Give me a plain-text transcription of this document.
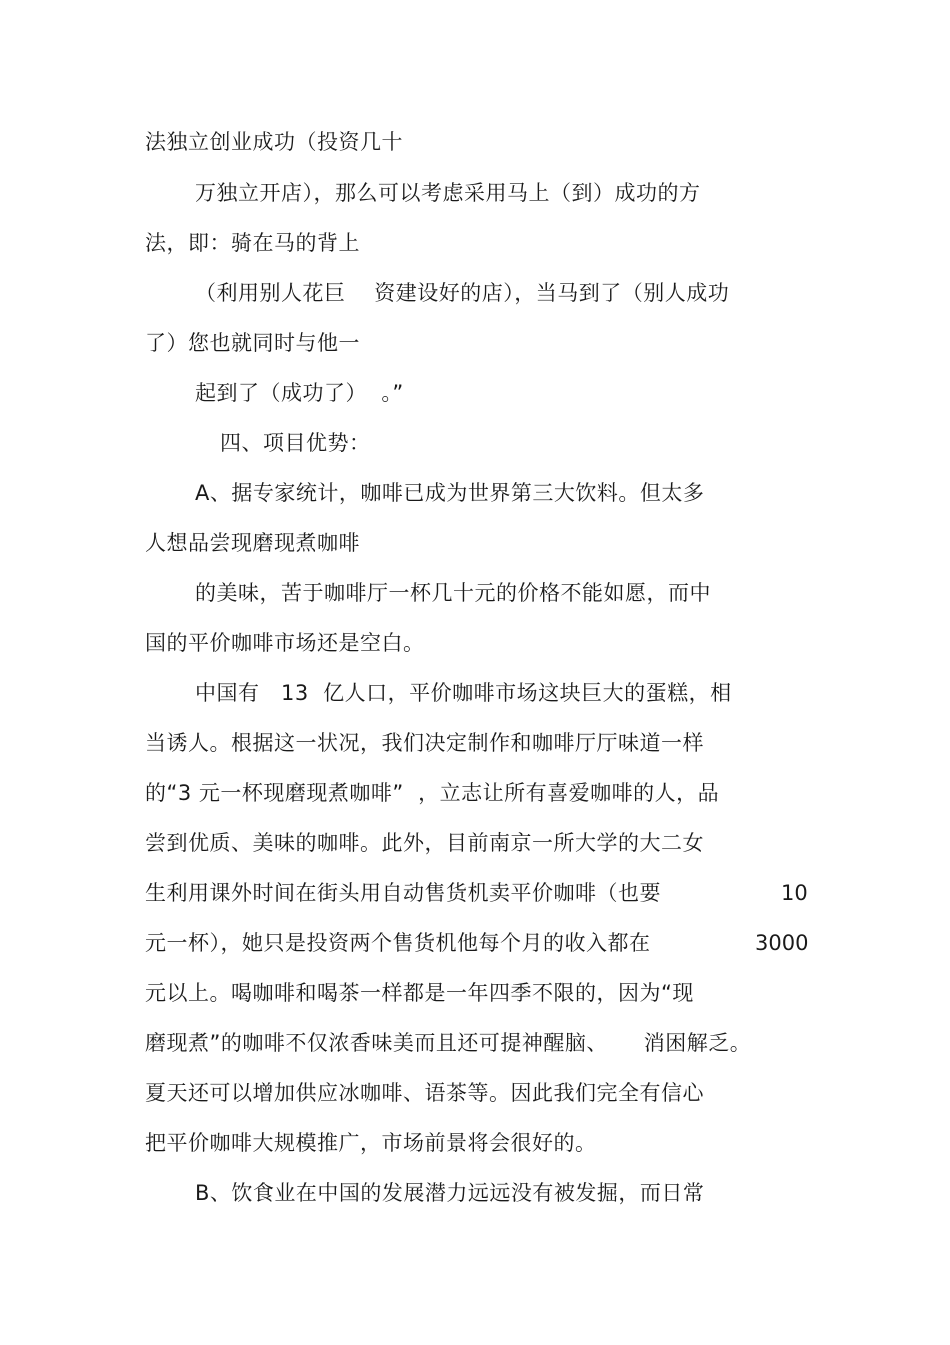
法独立创业成功（投资几十
万独立开店），那么可以考虑采用马上（到）成功的方
法，即：骑在马的背上
（利用别人花巨    资建设好的店），当马到了（别人成功
了）您也就同时与他一
起到了（成功了）  。”
四、项目优势：
A、据专家统计，咖啡已成为世界第三大饮料。但太多
人想品尝现磨现煮咖啡
的美味，苦于咖啡厅一杯几十元的价格不能如愿，而中
国的平价咖啡市场还是空白。
中国有   13  亿人口，平价咖啡市场这块巨大的蛋糕，相
当诱人。根据这一状况，我们决定制作和咖啡厅厅味道一样
的“3 元一杯现磨现煮咖啡”  ，立志让所有喜爱咖啡的人，品
尝到优质、美味的咖啡。此外，目前南京一所大学的大二女
生利用课外时间在街头用自动售货机卖平价咖啡（也要	10
元一杯），她只是投资两个售货机他每个月的收入都在	3000
元以上。喝咖啡和喝茶一样都是一年四季不限的，因为“现
磨现煮”的咖啡不仅浓香味美而且还可提神醒脑、     消困解乏。
夏天还可以增加供应冰咖啡、语茶等。因此我们完全有信心
把平价咖啡大规模推广，市场前景将会很好的。
B、饮食业在中国的发展潜力远远没有被发掘，而日常
